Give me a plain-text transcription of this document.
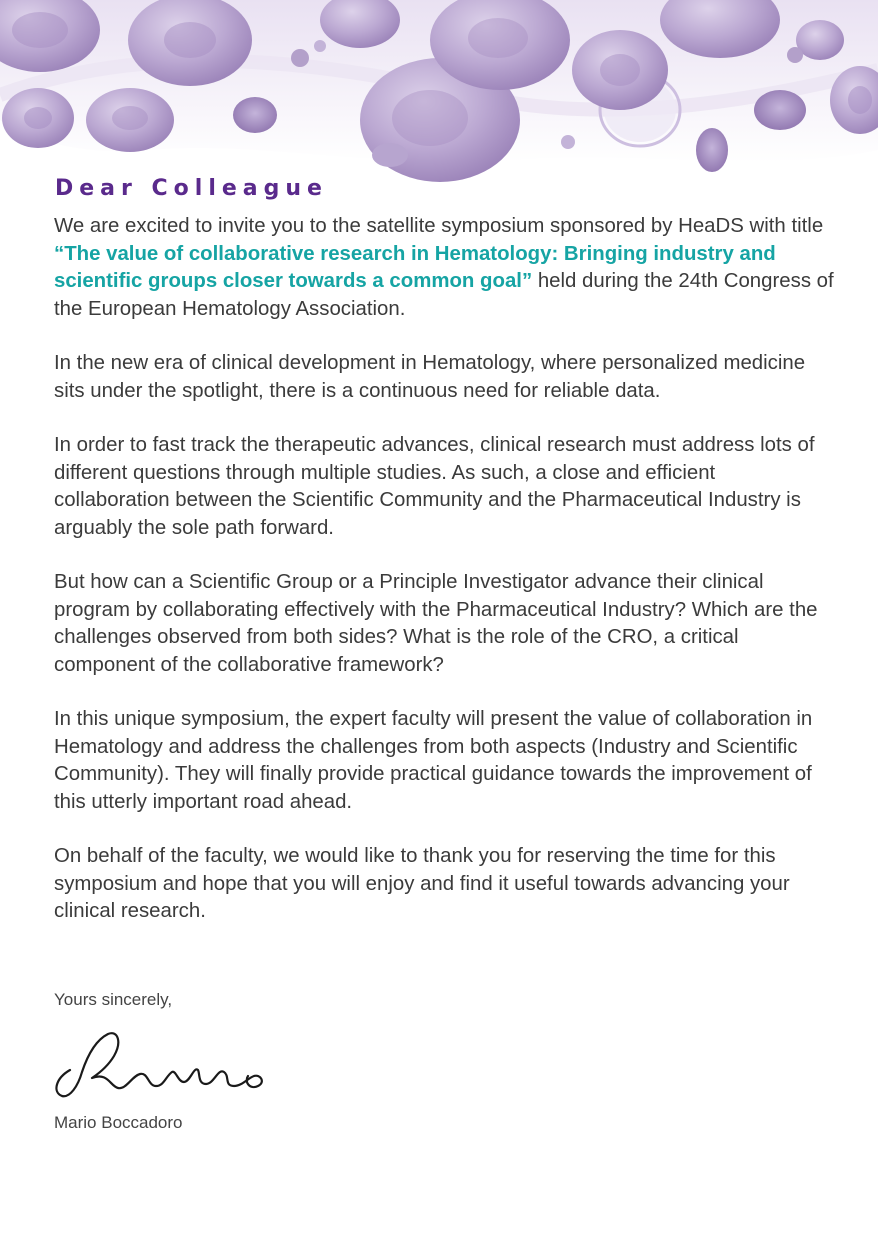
Dear Colleague

We are excited to invite you to the satellite symposium sponsored by HeaDS with title “The value of collaborative research in Hematology: Bringing industry and scientific groups closer towards a common goal” held during the 24th Congress of the European Hematology Association.

In the new era of clinical development in Hematology, where personalized medicine sits under the spotlight, there is a continuous need for reliable data.

In order to fast track the therapeutic advances, clinical research must address lots of different questions through multiple studies. As such, a close and efficient collaboration between the Scientific Community and the Pharmaceutical Industry is arguably the sole path forward.

But how can a Scientific Group or a Principle Investigator advance their clinical program by collaborating effectively with the Pharmaceutical Industry? Which are the challenges observed from both sides? What is the role of the CRO, a critical component of the collaborative framework?

In this unique symposium, the expert faculty will present the value of collaboration in Hematology and address the challenges from both aspects (Industry and Scientific Community). They will finally provide practical guidance towards the improvement of this utterly important road ahead.

On behalf of the faculty, we would like to thank you for reserving the time for this symposium and hope that you will enjoy and find it useful towards advancing your clinical research.

Yours sincerely,
Mario Boccadoro
